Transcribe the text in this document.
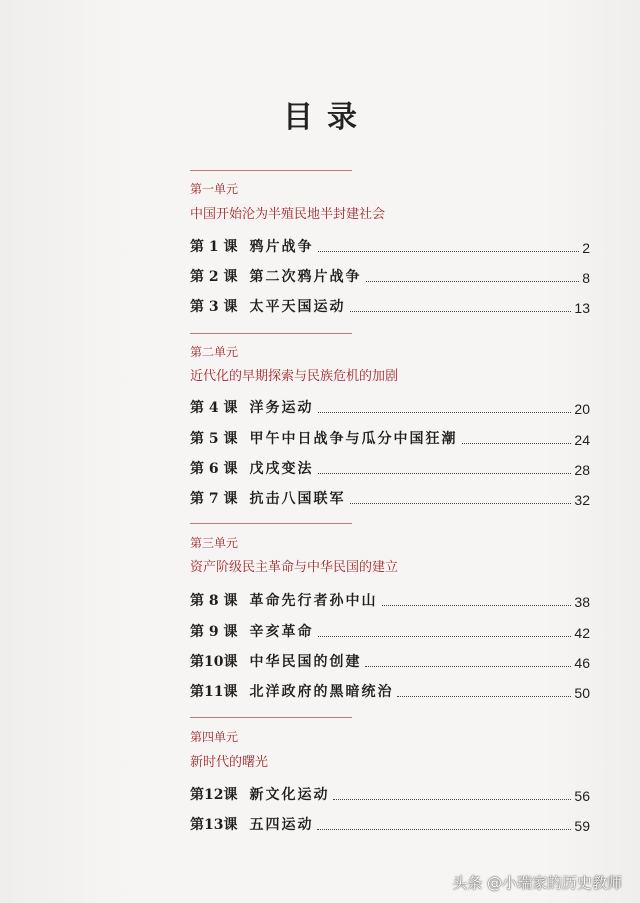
目录
第一单元
中国开始沦为半殖民地半封建社会
第 1 课 鸦片战争	2
第 2 课 第二次鸦片战争	8
第 3 课 太平天国运动	13
第二单元
近代化的早期探索与民族危机的加剧
第 4 课 洋务运动	20
第 5 课 甲午中日战争与瓜分中国狂潮	24
第 6 课 戊戌变法	28
第 7 课 抗击八国联军	32
第三单元
资产阶级民主革命与中华民国的建立
第 8 课 革命先行者孙中山	38
第 9 课 辛亥革命	42
第10课 中华民国的创建	46
第11课 北洋政府的黑暗统治	50
第四单元
新时代的曙光
第12课 新文化运动	56
第13课 五四运动	59
头条 @小瑞家的历史教师
